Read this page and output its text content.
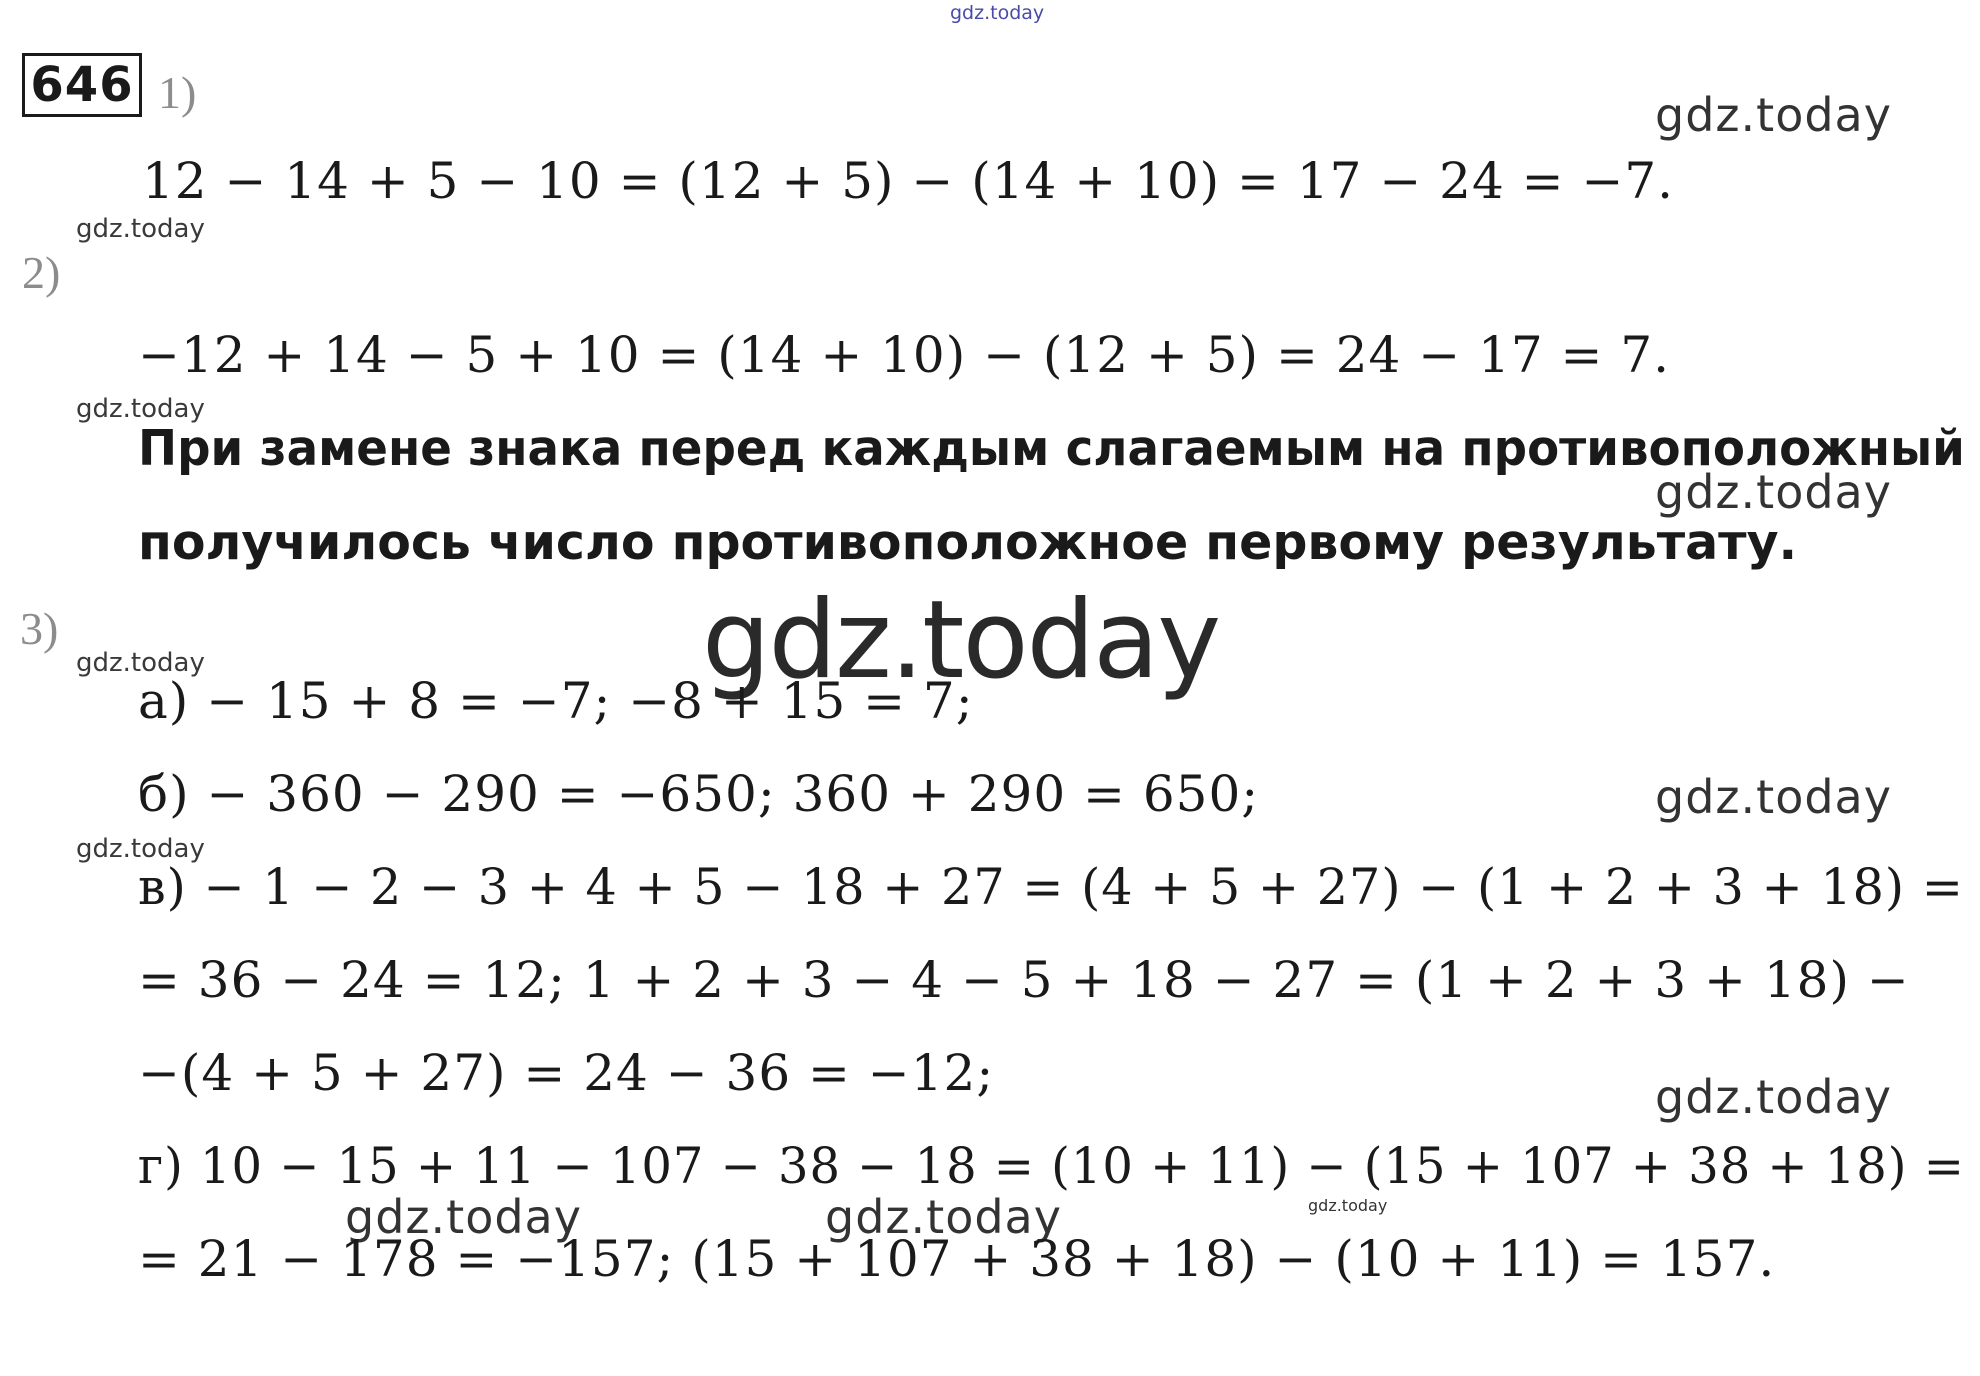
gdz.today
gdz.today
gdz.today
gdz.today
gdz.today
gdz.today
gdz.today
gdz.today
gdz.today
gdz.today
gdz.today	gdz.today	gdz.today
646 1)
12 − 14 + 5 − 10 = (12 + 5) − (14 + 10) = 17 − 24 = −7.
2)
−12 + 14 − 5 + 10 = (14 + 10) − (12 + 5) = 24 − 17 = 7.
При замене знака перед каждым слагаемым на противоположный
получилось число противоположное первому результату.
3)
а) − 15 + 8 = −7; −8 + 15 = 7;
б) − 360 − 290 = −650; 360 + 290 = 650;
в) − 1 − 2 − 3 + 4 + 5 − 18 + 27 = (4 + 5 + 27) − (1 + 2 + 3 + 18) =
= 36 − 24 = 12; 1 + 2 + 3 − 4 − 5 + 18 − 27 = (1 + 2 + 3 + 18) −
−(4 + 5 + 27) = 24 − 36 = −12;
г) 10 − 15 + 11 − 107 − 38 − 18 = (10 + 11) − (15 + 107 + 38 + 18) =
= 21 − 178 = −157; (15 + 107 + 38 + 18) − (10 + 11) = 157.
